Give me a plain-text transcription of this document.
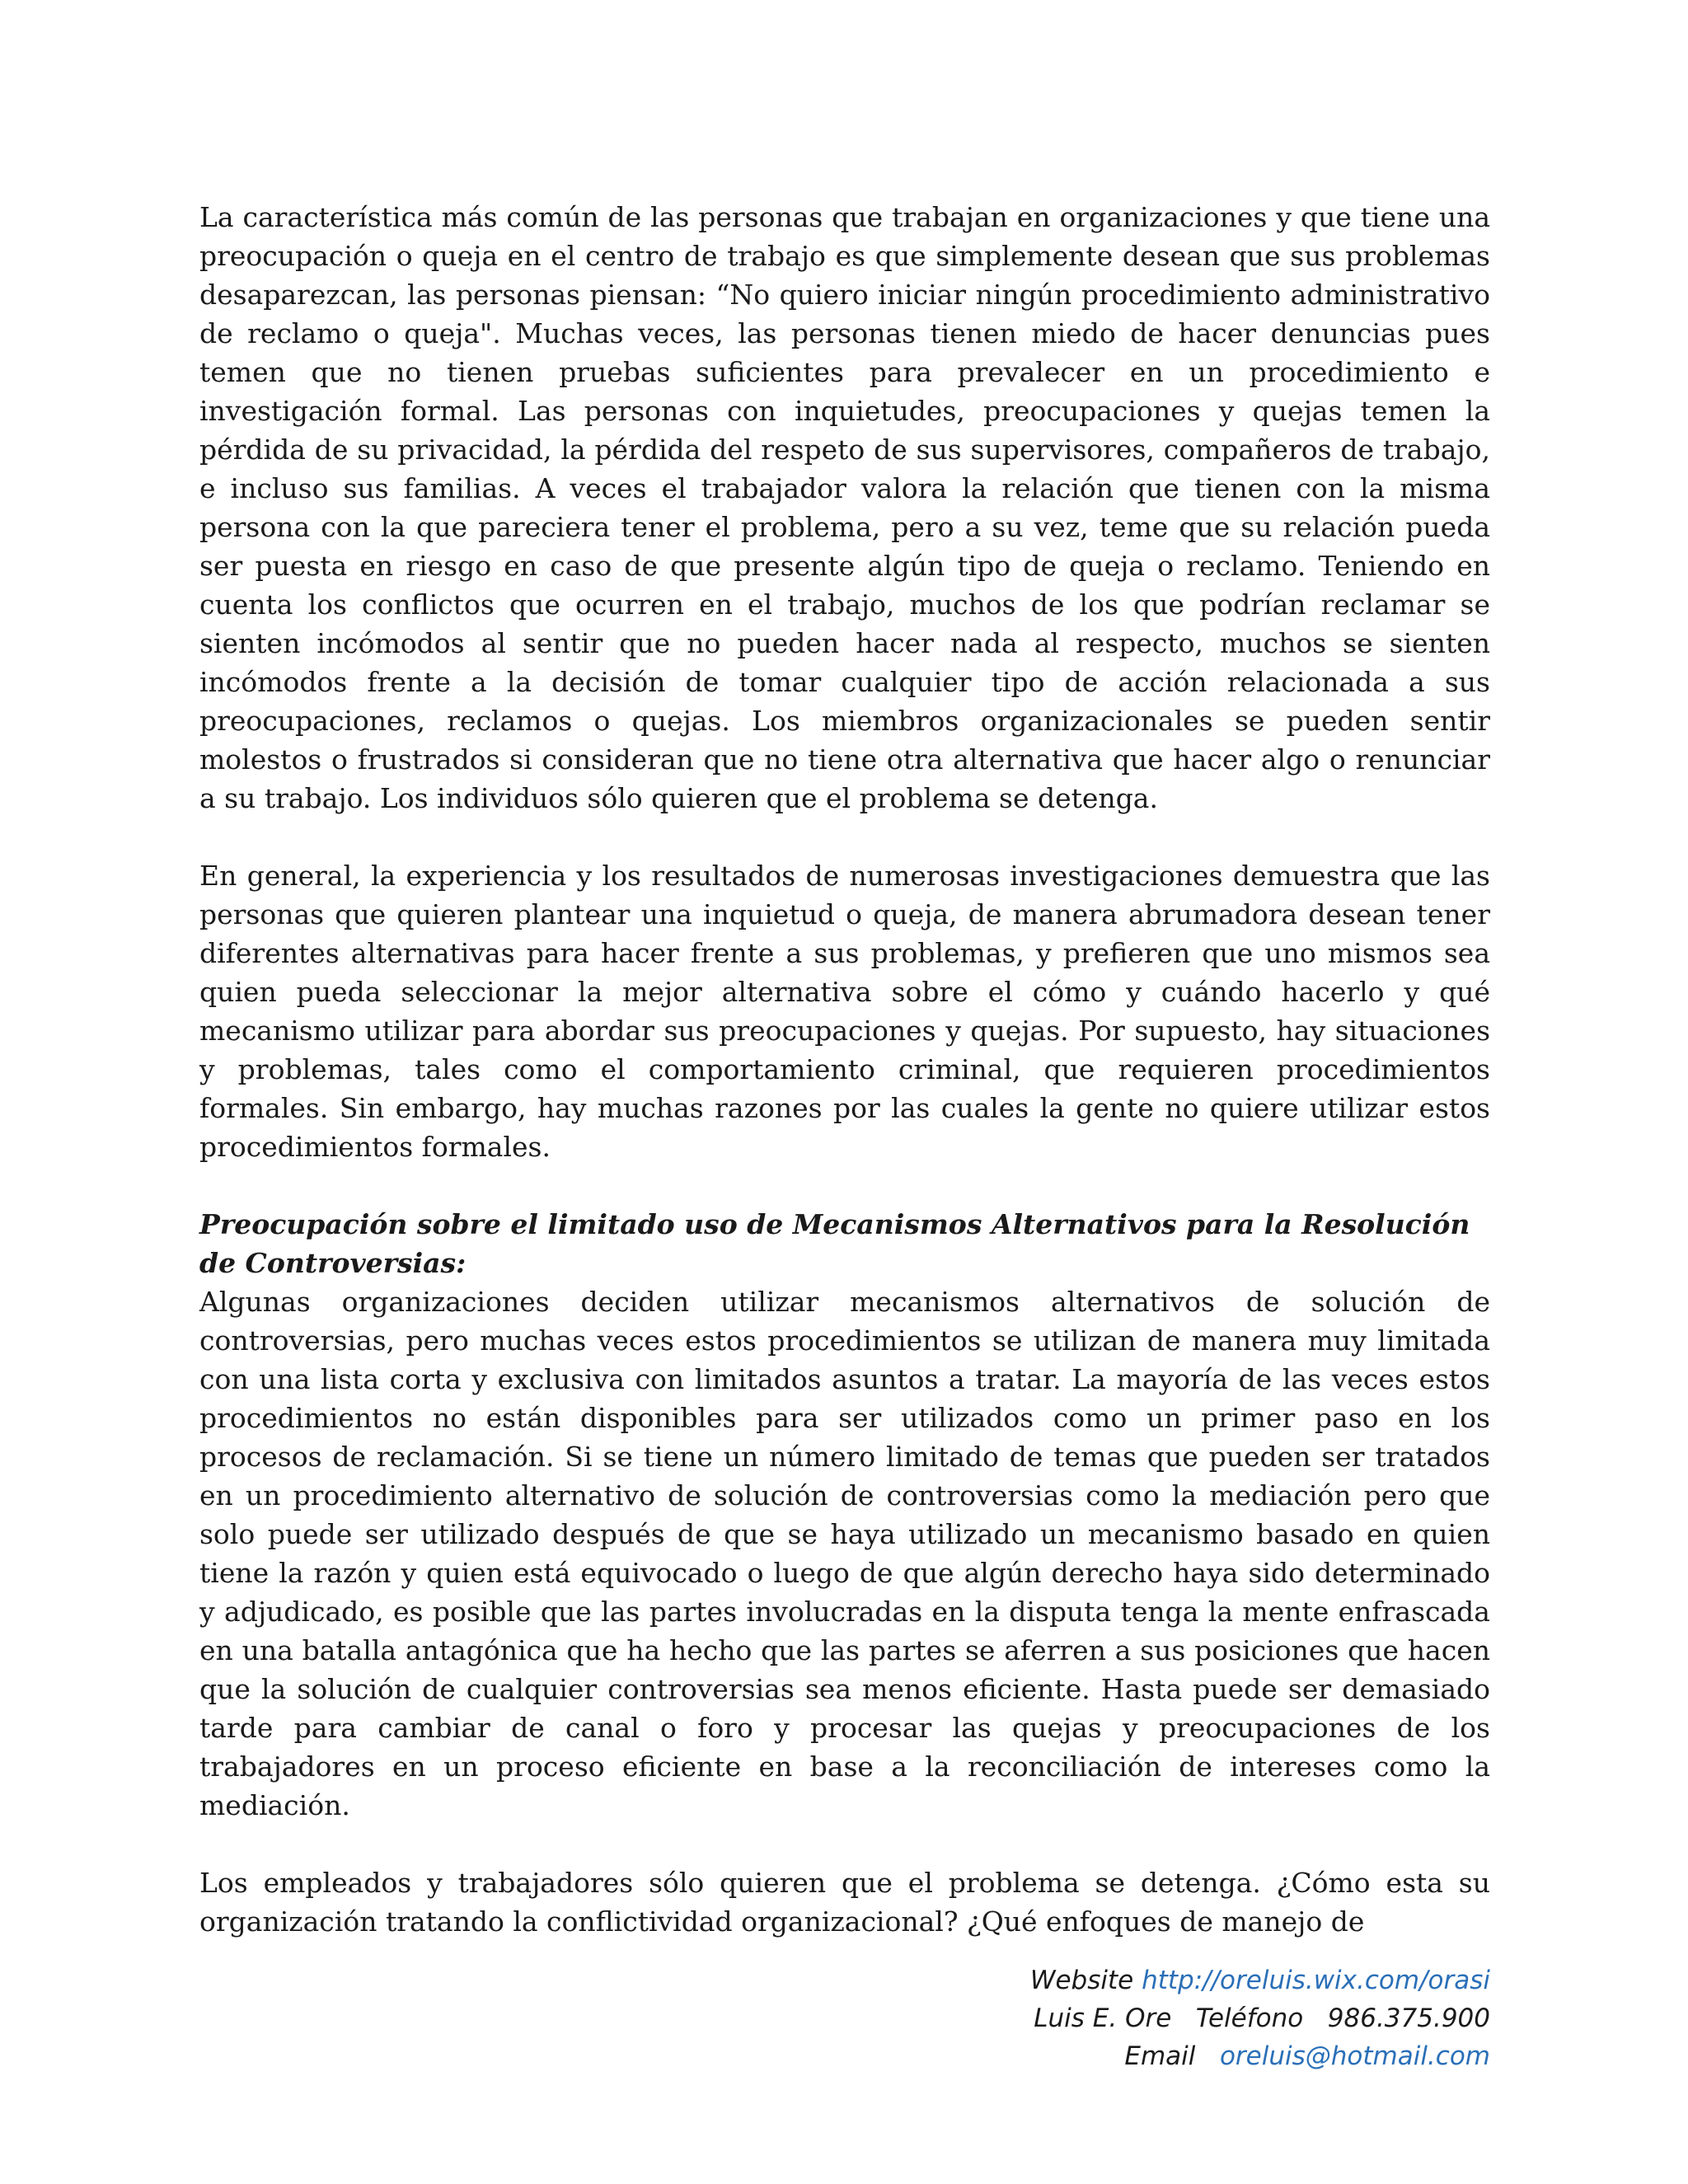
La característica más común de las personas que trabajan en organizaciones y que tiene una preocupación o queja en el centro de trabajo es que simplemente desean que sus problemas desaparezcan, las personas piensan: “No quiero iniciar ningún procedimiento administrativo de reclamo o queja". Muchas veces, las personas tienen miedo de hacer denuncias pues temen que no tienen pruebas suficientes para prevalecer en un procedimiento e investigación formal. Las personas con inquietudes, preocupaciones y quejas temen la pérdida de su privacidad, la pérdida del respeto de sus supervisores, compañeros de trabajo, e incluso sus familias. A veces el trabajador valora la relación que tienen con la misma persona con la que pareciera tener el problema, pero a su vez, teme que su relación pueda ser puesta en riesgo en caso de que presente algún tipo de queja o reclamo. Teniendo en cuenta los conflictos que ocurren en el trabajo, muchos de los que podrían reclamar se sienten incómodos al sentir que no pueden hacer nada al respecto, muchos se sienten incómodos frente a la decisión de tomar cualquier tipo de acción relacionada a sus preocupaciones, reclamos o quejas. Los miembros organizacionales se pueden sentir molestos o frustrados si consideran que no tiene otra alternativa que hacer algo o renunciar a su trabajo. Los individuos sólo quieren que el problema se detenga.

En general, la experiencia y los resultados de numerosas investigaciones demuestra que las personas que quieren plantear una inquietud o queja, de manera abrumadora desean tener diferentes alternativas para hacer frente a sus problemas, y prefieren que uno mismos sea quien pueda seleccionar la mejor alternativa sobre el cómo y cuándo hacerlo y qué mecanismo utilizar para abordar sus preocupaciones y quejas. Por supuesto, hay situaciones y problemas, tales como el comportamiento criminal, que requieren procedimientos formales. Sin embargo, hay muchas razones por las cuales la gente no quiere utilizar estos procedimientos formales.

Preocupación sobre el limitado uso de Mecanismos Alternativos para la Resolución de Controversias:

Algunas organizaciones deciden utilizar mecanismos alternativos de solución de controversias, pero muchas veces estos procedimientos se utilizan de manera muy limitada con una lista corta y exclusiva con limitados asuntos a tratar. La mayoría de las veces estos procedimientos no están disponibles para ser utilizados como un primer paso en los procesos de reclamación. Si se tiene un número limitado de temas que pueden ser tratados en un procedimiento alternativo de solución de controversias como la mediación pero que solo puede ser utilizado después de que se haya utilizado un mecanismo basado en quien tiene la razón y quien está equivocado o luego de que algún derecho haya sido determinado y adjudicado, es posible que las partes involucradas en la disputa tenga la mente enfrascada en una batalla antagónica que ha hecho que las partes se aferren a sus posiciones que hacen que la solución de cualquier controversias sea menos eficiente. Hasta puede ser demasiado tarde para cambiar de canal o foro y procesar las quejas y preocupaciones de los trabajadores en un proceso eficiente en base a la reconciliación de intereses como la mediación.

Los empleados y trabajadores sólo quieren que el problema se detenga. ¿Cómo esta su organización tratando la conflictividad organizacional? ¿Qué enfoques de manejo de

Website http://oreluis.wix.com/orasi
Luis E. Ore   Teléfono   986.375.900
Email   oreluis@hotmail.com
